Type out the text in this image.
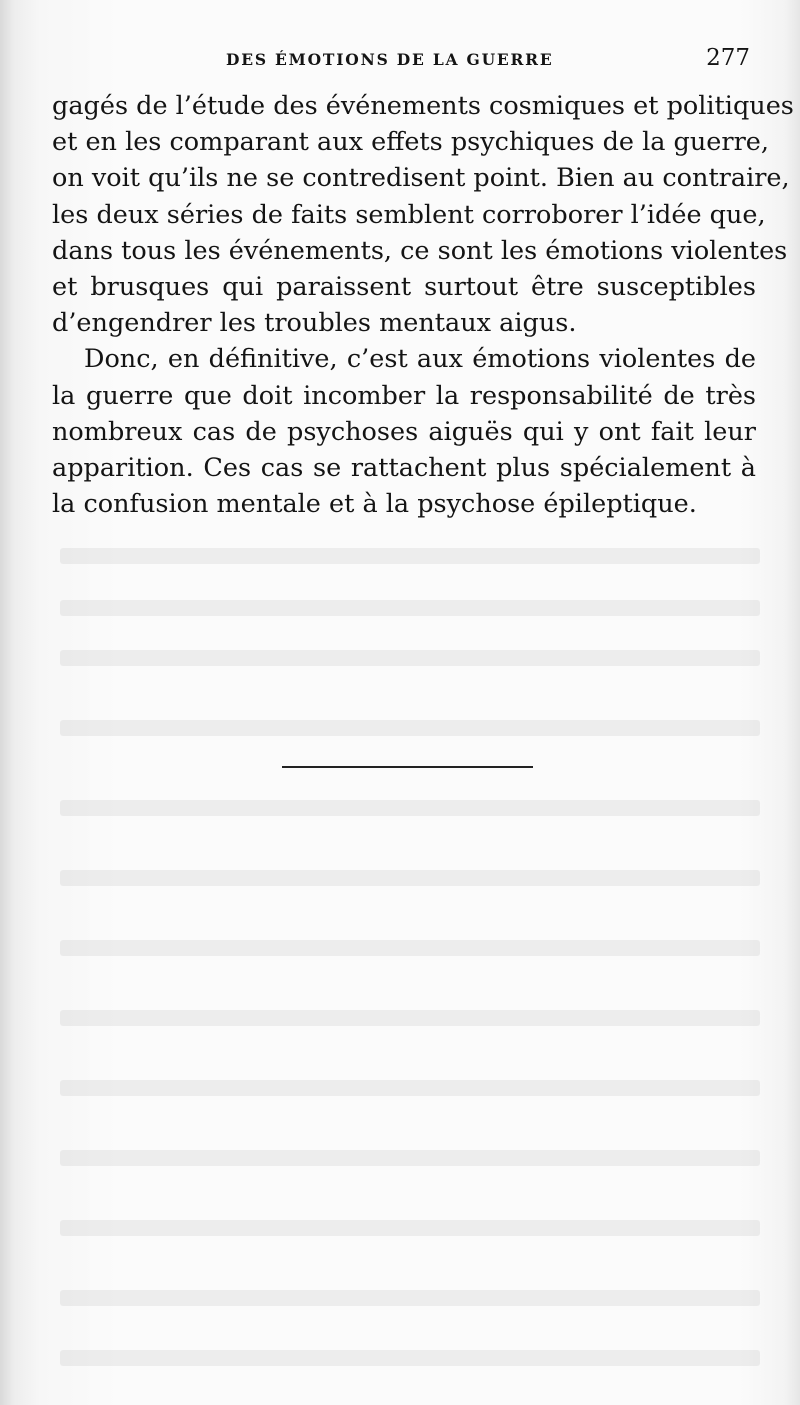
DES ÉMOTIONS DE LA GUERRE	277
gagés de l’étude des événements cosmiques et politiques
et en les comparant aux effets psychiques de la guerre,
on voit qu’ils ne se contredisent point. Bien au contraire,
les deux séries de faits semblent corroborer l’idée que,
dans tous les événements, ce sont les émotions violentes
et brusques qui paraissent surtout être susceptibles
d’engendrer les troubles mentaux aigus.
Donc, en définitive, c’est aux émotions violentes de
la guerre que doit incomber la responsabilité de très
nombreux cas de psychoses aiguës qui y ont fait leur
apparition. Ces cas se rattachent plus spécialement à
la confusion mentale et à la psychose épileptique.
